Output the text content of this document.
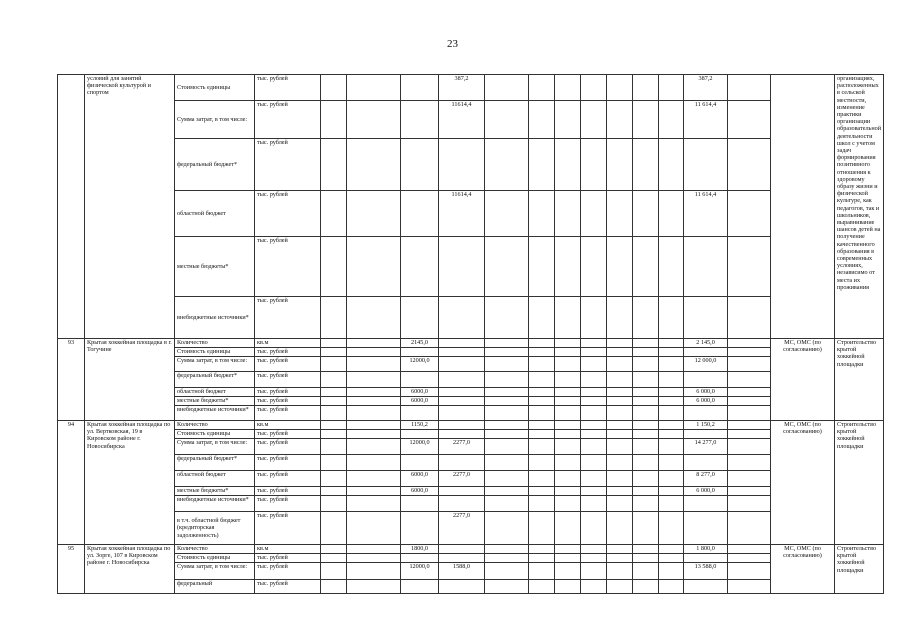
23
	условий для занятий физической культурой и спортом	Стоимость единицы	тыс. рублей				387,2								387,2			организациях, расположенных в сельской местности, изменение практики организации образовательной деятельности школ с учетом задач формирования позитивного отношения к здоровому образу жизни и физической культуре, как педагогов, так и школьников, выравнивание шансов детей на получение качественного образования в современных условиях, независимо от места их проживания
		Сумма затрат, в том числе:	тыс. рублей				11614,4								11 614,4			
		федеральный бюджет*	тыс. рублей															
		областной бюджет	тыс. рублей				11614,4								11 614,4			
		местные бюджеты*	тыс. рублей															
		внебюджетные источники*	тыс. рублей															
93	Крытая хоккейная площадка в г. Тогучине	Количество	кв.м			2145,0									2 145,0		МС, ОМС (по согласованию)	Строительство крытой хоккейной площадки
		Стоимость единицы	тыс. рублей															
		Сумма затрат, в том числе:	тыс. рублей			12000,0									12 000,0			
		федеральный бюджет*	тыс. рублей															
		областной бюджет	тыс. рублей			6000,0									6 000,0			
		местные бюджеты*	тыс. рублей			6000,0									6 000,0			
		внебюджетные источники*	тыс. рублей															
94	Крытая хоккейная площадка по ул. Вертковская, 19 в Кировском районе г. Новосибирска	Количество	кв.м			1150,2									1 150,2		МС, ОМС (по согласованию)	Строительство крытой хоккейной площадки
		Стоимость единицы	тыс. рублей															
		Сумма затрат, в том числе:	тыс. рублей			12000,0	2277,0								14 277,0			
		федеральный бюджет*	тыс. рублей															
		областной бюджет	тыс. рублей			6000,0	2277,0								8 277,0			
		местные бюджеты*	тыс. рублей			6000,0									6 000,0			
		внебюджетные источники*	тыс. рублей															
		в т.ч. областной бюджет (кредиторская задолженность)	тыс. рублей				2277,0											
95	Крытая хоккейная площадка по ул. Зорге, 107 в Кировском районе г. Новосибирска	Количество	кв.м			1800,0									1 800,0		МС, ОМС (по согласованию)	Строительство крытой хоккейной площадки
		Стоимость единицы	тыс. рублей															
		Сумма затрат, в том числе:	тыс. рублей			12000,0	1588,0								13 588,0			
		федеральный	тыс. рублей															
